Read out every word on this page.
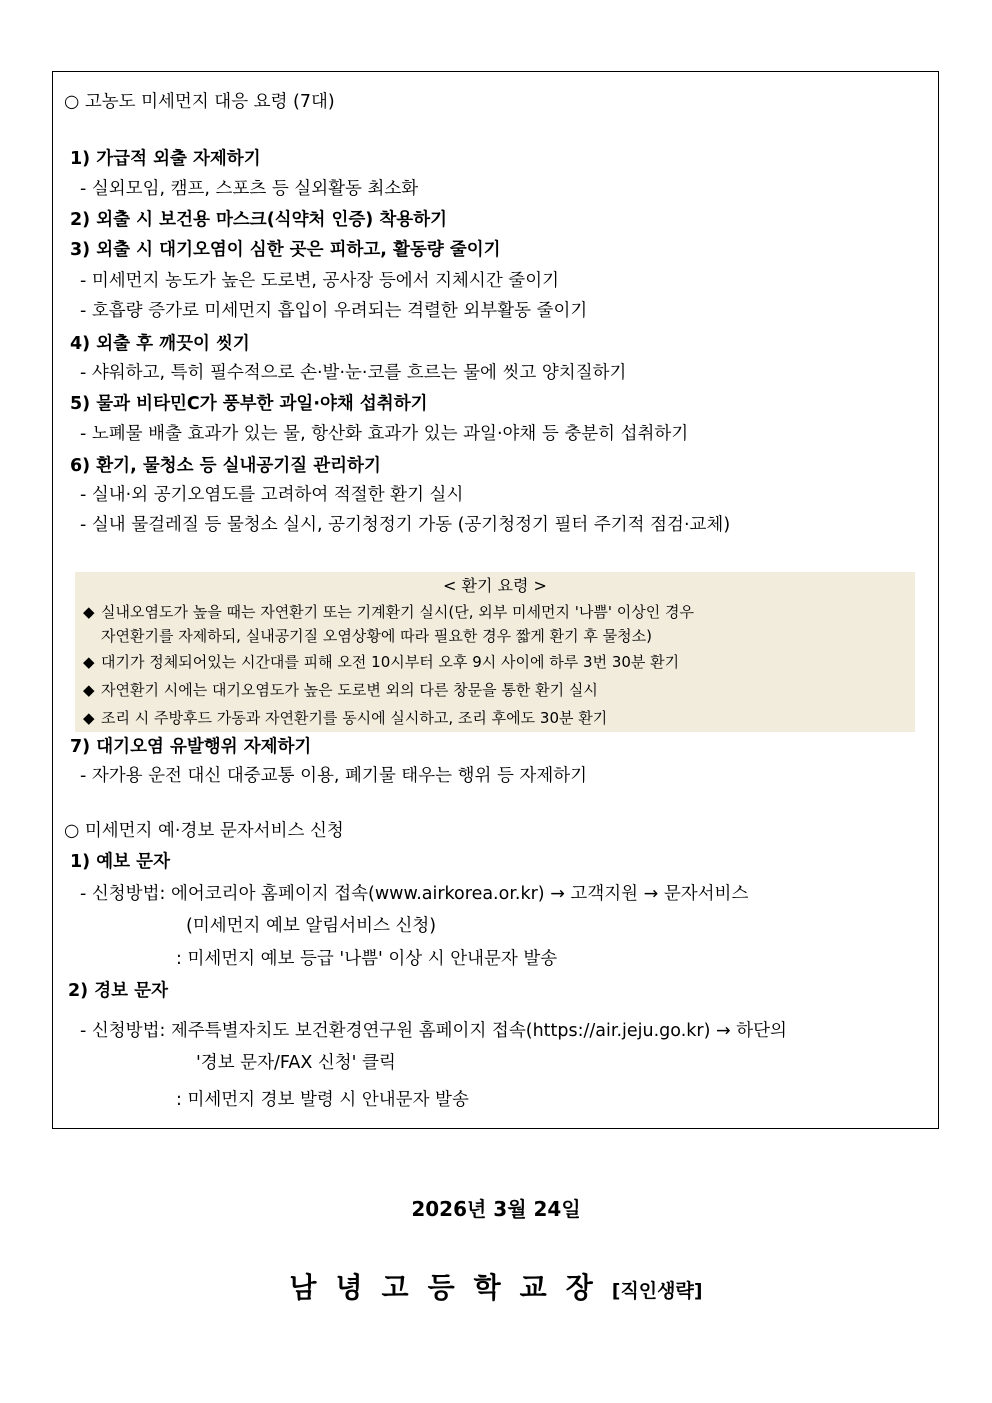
○ 고농도 미세먼지 대응 요령 (7대)
1) 가급적 외출 자제하기
- 실외모임, 캠프, 스포츠 등 실외활동 최소화
2) 외출 시 보건용 마스크(식약처 인증) 착용하기
3) 외출 시 대기오염이 심한 곳은 피하고, 활동량 줄이기
- 미세먼지 농도가 높은 도로변, 공사장 등에서 지체시간 줄이기
- 호흡량 증가로 미세먼지 흡입이 우려되는 격렬한 외부활동 줄이기
4) 외출 후 깨끗이 씻기
- 샤워하고, 특히 필수적으로 손·발·눈·코를 흐르는 물에 씻고 양치질하기
5) 물과 비타민C가 풍부한 과일·야채 섭취하기
- 노폐물 배출 효과가 있는 물, 항산화 효과가 있는 과일·야채 등 충분히 섭취하기
6) 환기, 물청소 등 실내공기질 관리하기
- 실내·외 공기오염도를 고려하여 적절한 환기 실시
- 실내 물걸레질 등 물청소 실시, 공기청정기 가동 (공기청정기 필터 주기적 점검·교체)
< 환기 요령 >
◆ 실내오염도가 높을 때는 자연환기 또는 기계환기 실시(단, 외부 미세먼지 '나쁨' 이상인 경우
자연환기를 자제하되, 실내공기질 오염상황에 따라 필요한 경우 짧게 환기 후 물청소)
◆ 대기가 정체되어있는 시간대를 피해 오전 10시부터 오후 9시 사이에 하루 3번 30분 환기
◆ 자연환기 시에는 대기오염도가 높은 도로변 외의 다른 창문을 통한 환기 실시
◆ 조리 시 주방후드 가동과 자연환기를 동시에 실시하고, 조리 후에도 30분 환기
7) 대기오염 유발행위 자제하기
- 자가용 운전 대신 대중교통 이용, 폐기물 태우는 행위 등 자제하기
○ 미세먼지 예·경보 문자서비스 신청
1) 예보 문자
- 신청방법: 에어코리아 홈페이지 접속(www.airkorea.or.kr) → 고객지원 → 문자서비스
(미세먼지 예보 알림서비스 신청)
: 미세먼지 예보 등급 '나쁨' 이상 시 안내문자 발송
2) 경보 문자
- 신청방법: 제주특별자치도 보건환경연구원 홈페이지 접속(https://air.jeju.go.kr) → 하단의
'경보 문자/FAX 신청' 클릭
: 미세먼지 경보 발령 시 안내문자 발송
2026년 3월 24일
남녕고등학교장[직인생략]
